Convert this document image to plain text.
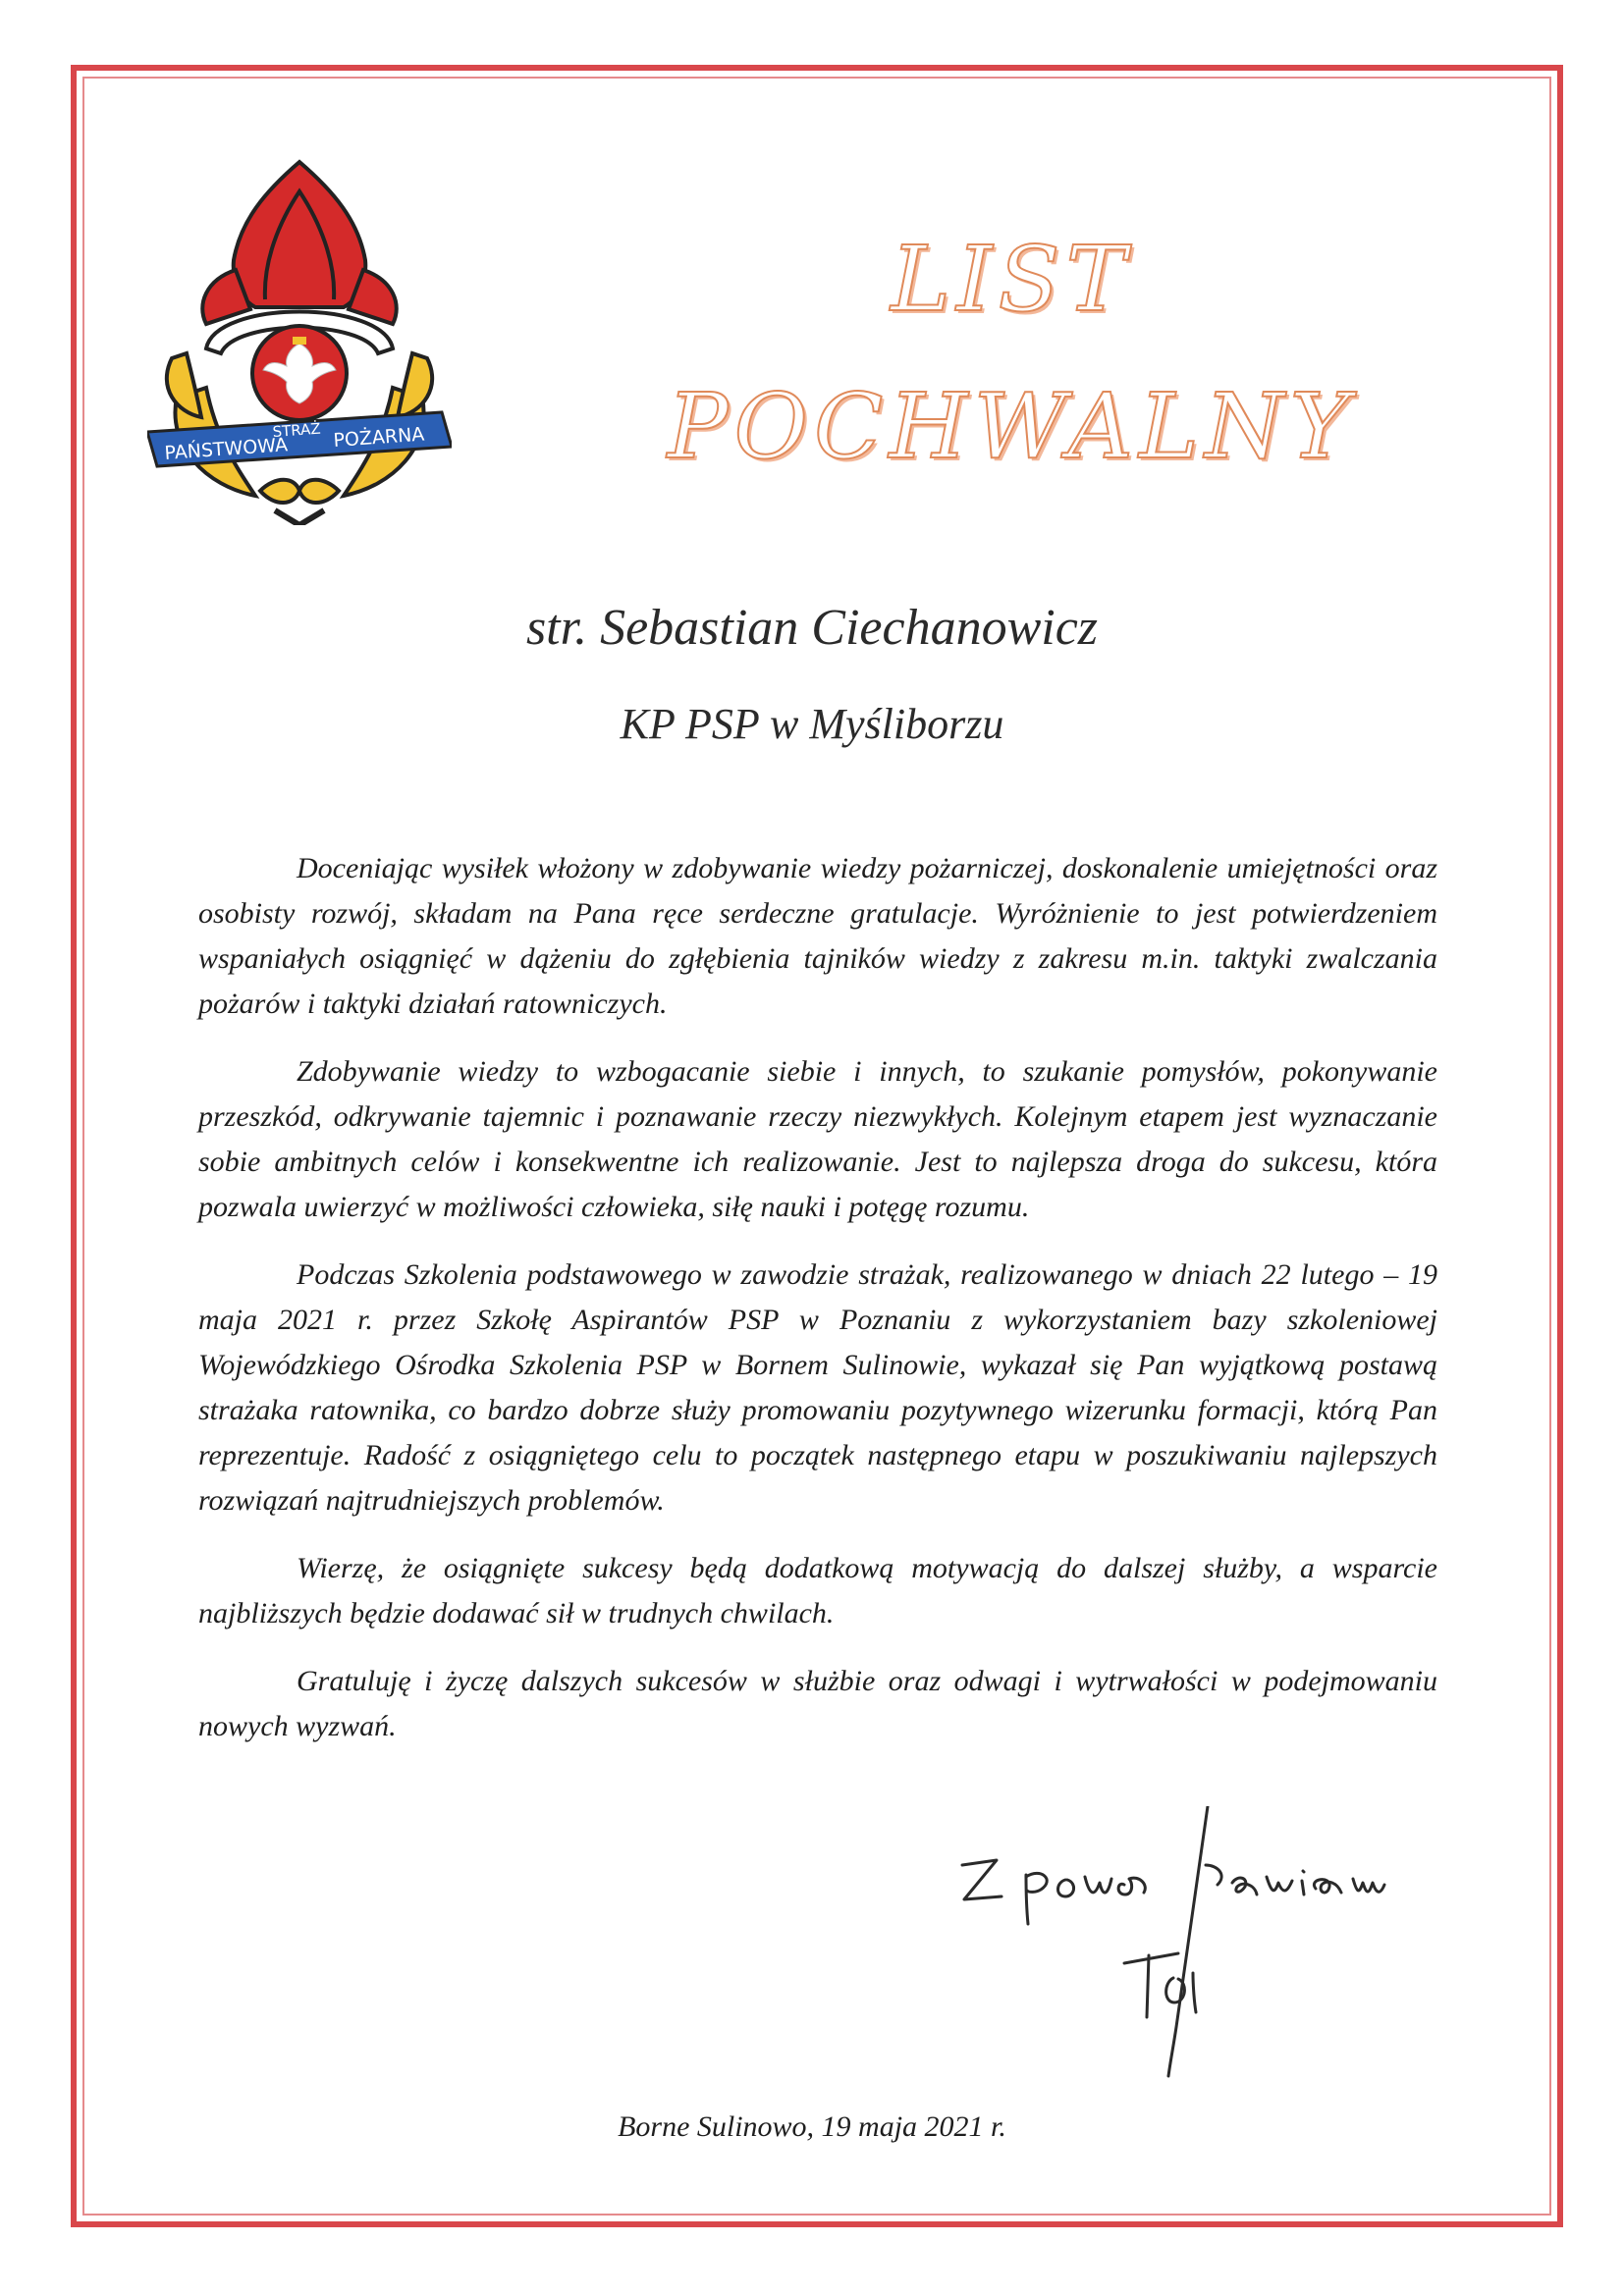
PAŃSTWOWA
STRAŻ POŻARNA
LIST
POCHWALNY
str. Sebastian Ciechanowicz
KP PSP w Myśliborzu

Doceniając wysiłek włożony w zdobywanie wiedzy pożarniczej, doskonalenie umiejętności oraz osobisty rozwój, składam na Pana ręce serdeczne gratulacje. Wyróżnienie to jest potwierdzeniem wspaniałych osiągnięć w dążeniu do zgłębienia tajników wiedzy z zakresu m.in. taktyki zwalczania pożarów i taktyki działań ratowniczych.

Zdobywanie wiedzy to wzbogacanie siebie i innych, to szukanie pomysłów, pokonywanie przeszkód, odkrywanie tajemnic i poznawanie rzeczy niezwykłych. Kolejnym etapem jest wyznaczanie sobie ambitnych celów i konsekwentne ich realizowanie. Jest to najlepsza droga do sukcesu, która pozwala uwierzyć w możliwości człowieka, siłę nauki i potęgę rozumu.

Podczas Szkolenia podstawowego w zawodzie strażak, realizowanego w dniach 22 lutego – 19 maja 2021 r. przez Szkołę Aspirantów PSP w Poznaniu z wykorzystaniem bazy szkoleniowej Wojewódzkiego Ośrodka Szkolenia PSP w Bornem Sulinowie, wykazał się Pan wyjątkową postawą strażaka ratownika, co bardzo dobrze służy promowaniu pozytywnego wizerunku formacji, którą Pan reprezentuje. Radość z osiągniętego celu to początek następnego etapu w poszukiwaniu najlepszych rozwiązań najtrudniejszych problemów.

Wierzę, że osiągnięte sukcesy będą dodatkową motywacją do dalszej służby, a wsparcie najbliższych będzie dodawać sił w trudnych chwilach.

Gratuluję i życzę dalszych sukcesów w służbie oraz odwagi i wytrwałości w podejmowaniu nowych wyzwań.

Borne Sulinowo, 19 maja 2021 r.
